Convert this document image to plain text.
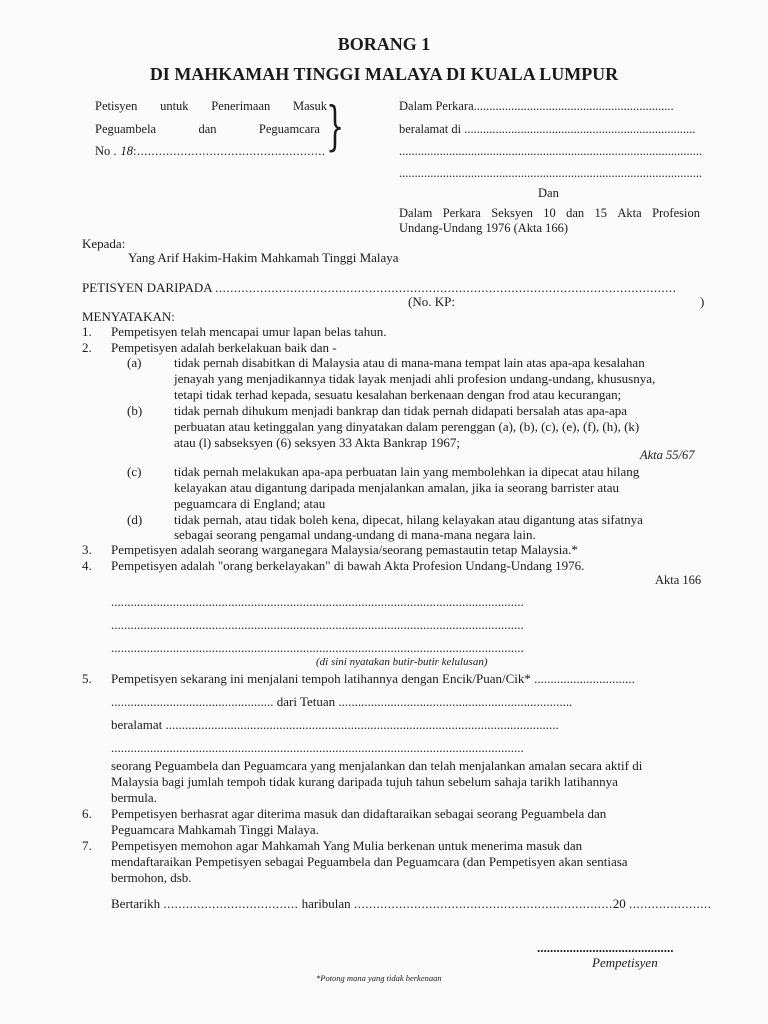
BORANG 1
DI MAHKAMAH TINGGI MALAYA DI KUALA LUMPUR
Petisyen untuk Penerimaan Masuk
Peguambela	dan	Peguamcara
No . 18:.................................................... }	Dalam Perkara................................................................
beralamat di ..........................................................................
.................................................................................................
.................................................................................................
Dan
Dalam Perkara Seksyen 10 dan 15 Akta Profesion
Undang-Undang 1976 (Akta 166)
Kepada:
Yang Arif Hakim-Hakim Mahkamah Tinggi Malaya
PETISYEN DARIPADA ...........................................................................................................................
(No. KP:	)
MENYATAKAN:
1. Pempetisyen telah mencapai umur lapan belas tahun.
2. Pempetisyen adalah berkelakuan baik dan -
(a)	tidak pernah disabitkan di Malaysia atau di mana-mana tempat lain atas apa-apa kesalahan
jenayah yang menjadikannya tidak layak menjadi ahli profesion undang-undang, khususnya,
tetapi tidak terhad kepada, sesuatu kesalahan berkenaan dengan frod atau kecurangan;
(b) tidak pernah dihukum menjadi bankrap dan tidak pernah didapati bersalah atas apa-apa
perbuatan atau ketinggalan yang dinyatakan dalam perenggan (a), (b), (c), (e), (f), (h), (k)
atau (l) sabseksyen (6) seksyen 33 Akta Bankrap 1967;
Akta 55/67
(c)	tidak pernah melakukan apa-apa perbuatan lain yang membolehkan ia dipecat atau hilang
kelayakan atau digantung daripada menjalankan amalan, jika ia seorang barrister atau
peguamcara di England; atau
(d) tidak pernah, atau tidak boleh kena, dipecat, hilang kelayakan atau digantung atas sifatnya
sebagai seorang pengamal undang-undang di mana-mana negara lain.
3. Pempetisyen adalah seorang warganegara Malaysia/seorang pemastautin tetap Malaysia.*
4. Pempetisyen adalah "orang berkelayakan" di bawah Akta Profesion Undang-Undang 1976.
Akta 166
...............................................................................................................................
...............................................................................................................................
...............................................................................................................................
(di sini nyatakan butir-butir kelulusan)
5. Pempetisyen sekarang ini menjalani tempoh latihannya dengan Encik/Puan/Cik* ...............................
.................................................. dari Tetuan ........................................................................
beralamat .........................................................................................................................
...............................................................................................................................
seorang Peguambela dan Peguamcara yang menjalankan dan telah menjalankan amalan secara aktif di
Malaysia bagi jumlah tempoh tidak kurang daripada tujuh tahun sebelum sahaja tarikh latihannya
bermula.
6. Pempetisyen berhasrat agar diterima masuk dan didaftaraikan sebagai seorang Peguambela dan
Peguamcara Mahkamah Tinggi Malaya.
7. Pempetisyen memohon agar Mahkamah Yang Mulia berkenan untuk menerima masuk dan
mendaftaraikan Pempetisyen sebagai Peguambela dan Peguamcara (dan Pempetisyen akan sentiasa
bermohon, dsb.
Bertarikh .................................... haribulan .....................................................................20 ......................
..........................................
Pempetisyen
*Potong mana yang tidak berkenaan
